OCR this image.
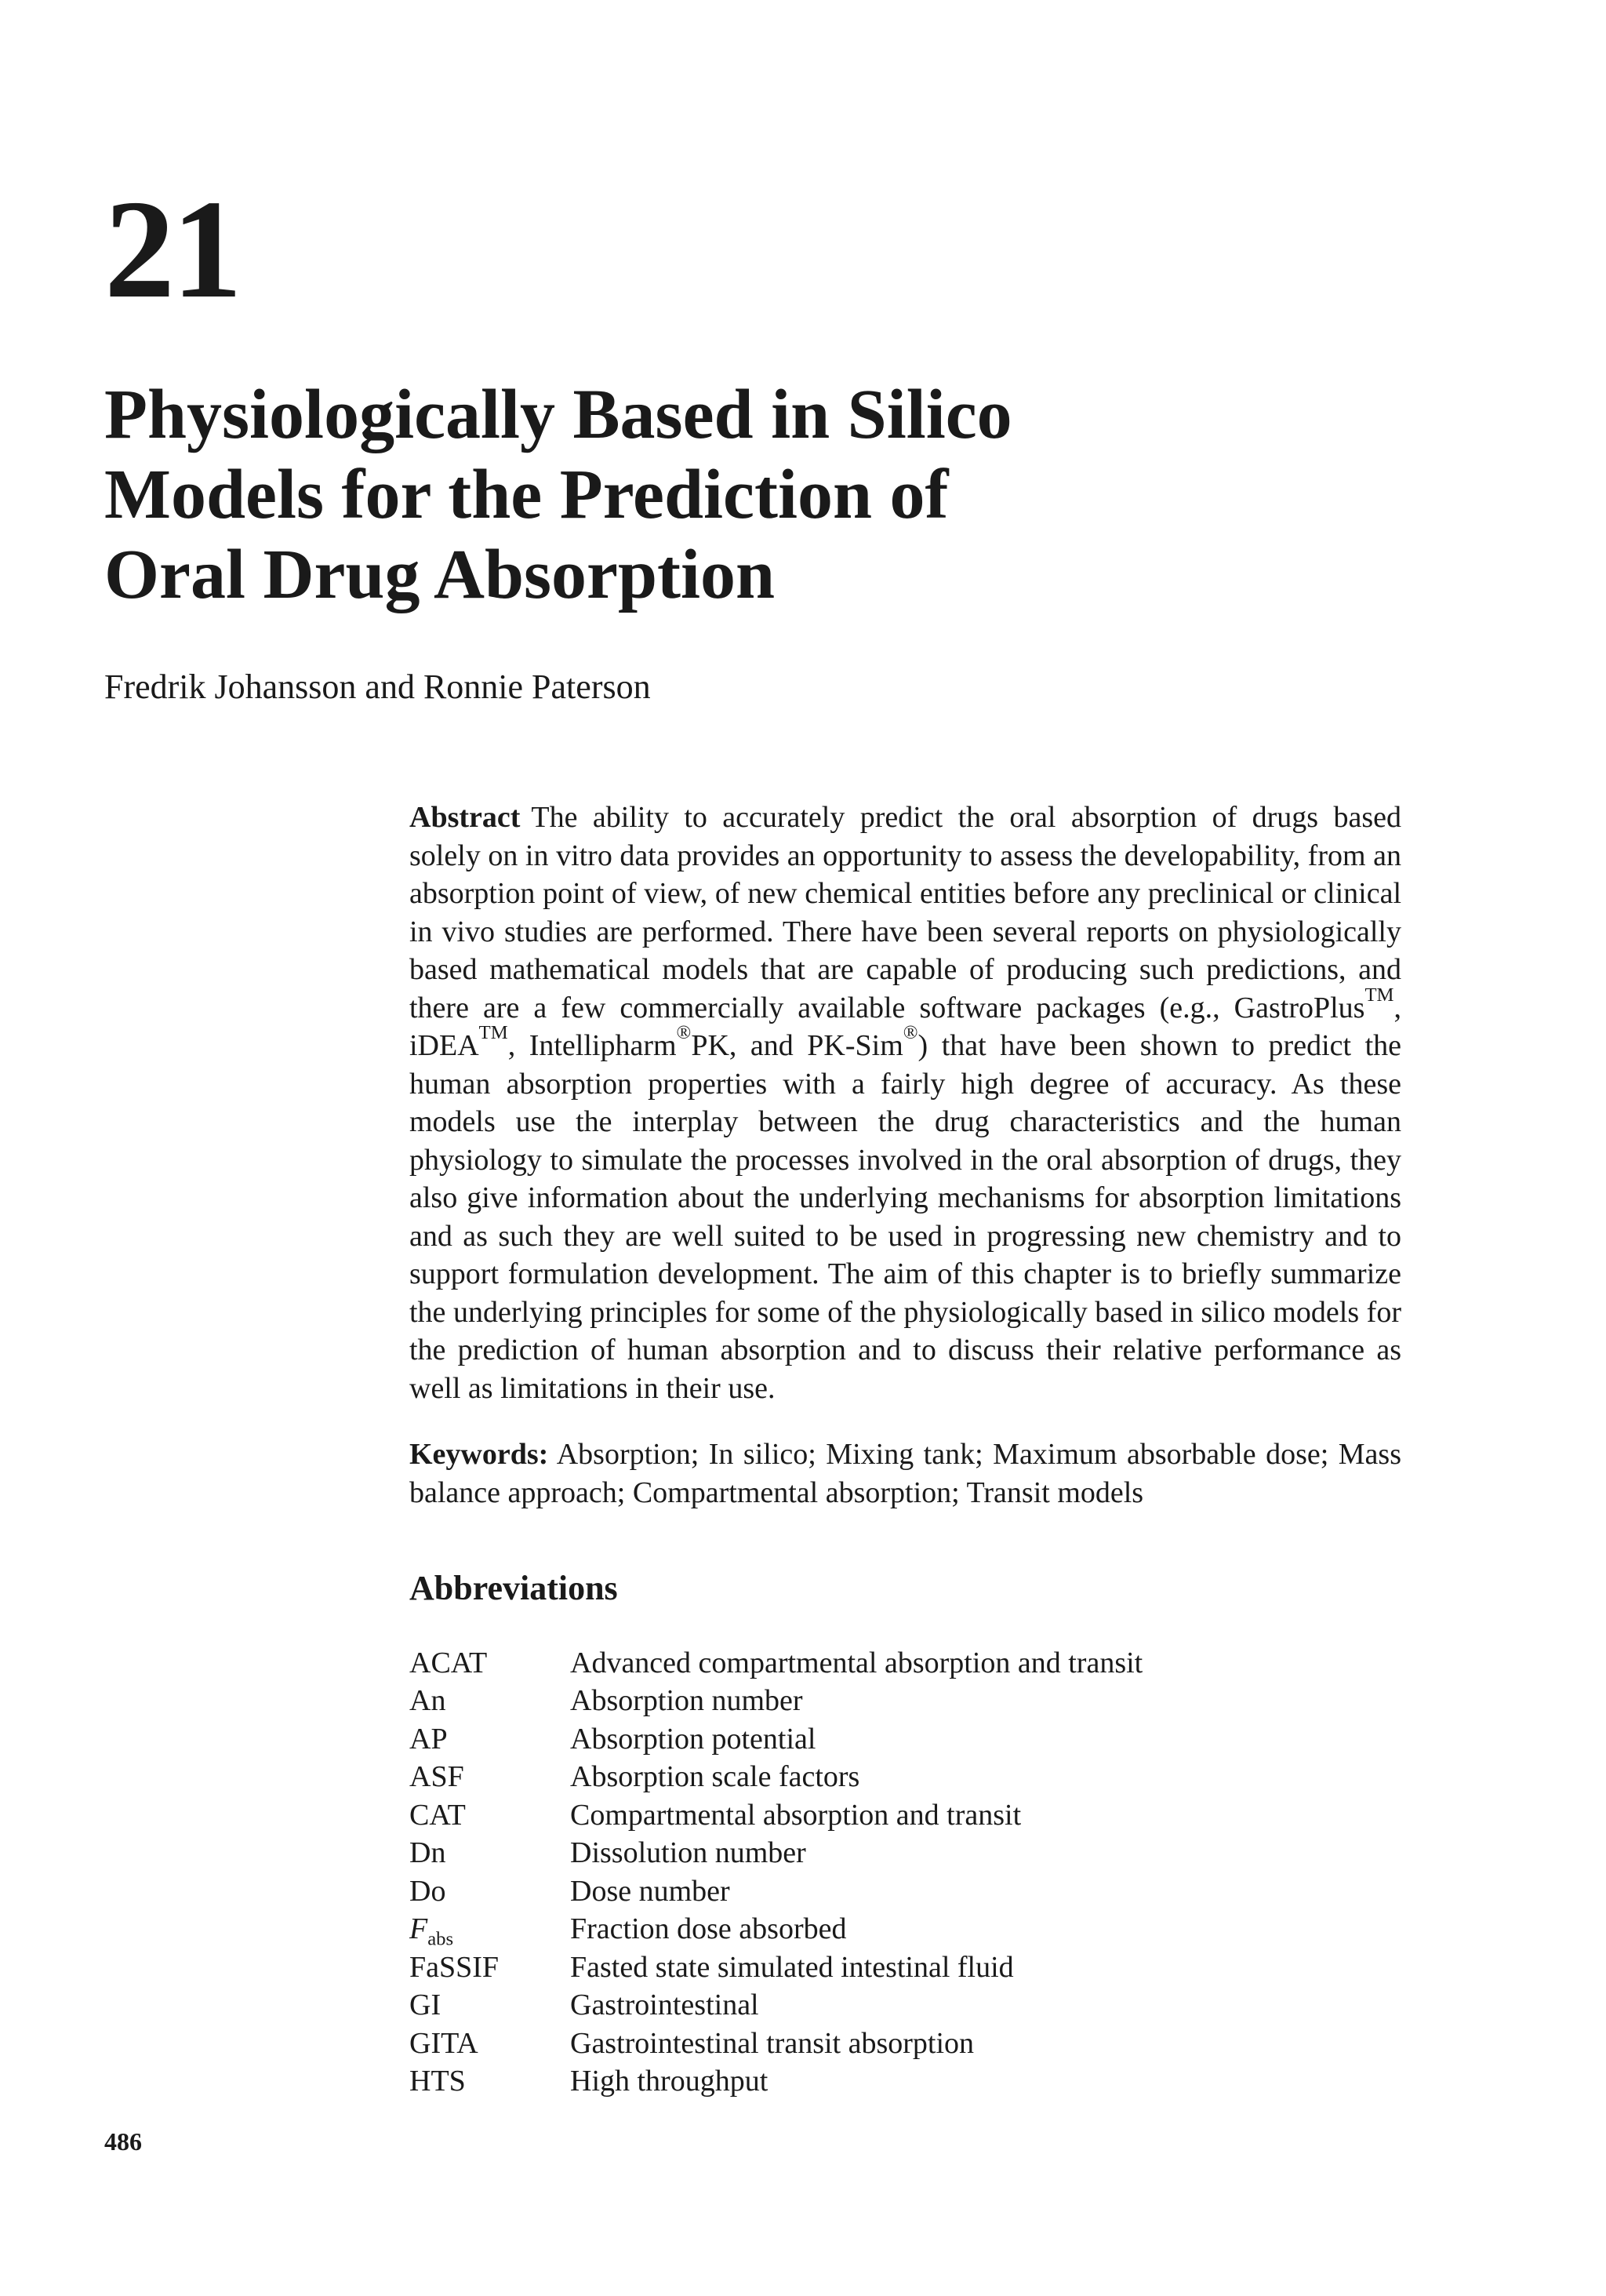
21
Physiologically Based in Silico
Models for the Prediction of
Oral Drug Absorption

Fredrik Johansson and Ronnie Paterson

Abstract The ability to accurately predict the oral absorption of drugs based solely on in vitro data provides an opportunity to assess the developability, from an absorption point of view, of new chemical entities before any preclinical or clinical in vivo studies are performed. There have been several reports on physiologically based mathematical models that are capable of producing such predictions, and there are a few commercially available software packages (e.g., GastroPlus™, iDEA™, Intellipharm®PK, and PK-Sim®) that have been shown to predict the human absorption properties with a fairly high degree of accuracy. As these models use the interplay between the drug characteristics and the human physiology to simulate the processes involved in the oral absorption of drugs, they also give information about the underlying mechanisms for absorption limitations and as such they are well suited to be used in progressing new chemistry and to support formulation development. The aim of this chapter is to briefly summarize the underlying principles for some of the physiologically based in silico models for the prediction of human absorption and to discuss their relative performance as well as limitations in their use.

Keywords: Absorption; In silico; Mixing tank; Maximum absorbable dose; Mass balance approach; Compartmental absorption; Transit models

Abbreviations
ACAT	Advanced compartmental absorption and transit
An	Absorption number
AP	Absorption potential
ASF	Absorption scale factors
CAT	Compartmental absorption and transit
Dn	Dissolution number
Do	Dose number
$F_{abs}$	Fraction dose absorbed
FaSSIF	Fasted state simulated intestinal fluid
GI	Gastrointestinal
GITA	Gastrointestinal transit absorption
HTS	High throughput

486
